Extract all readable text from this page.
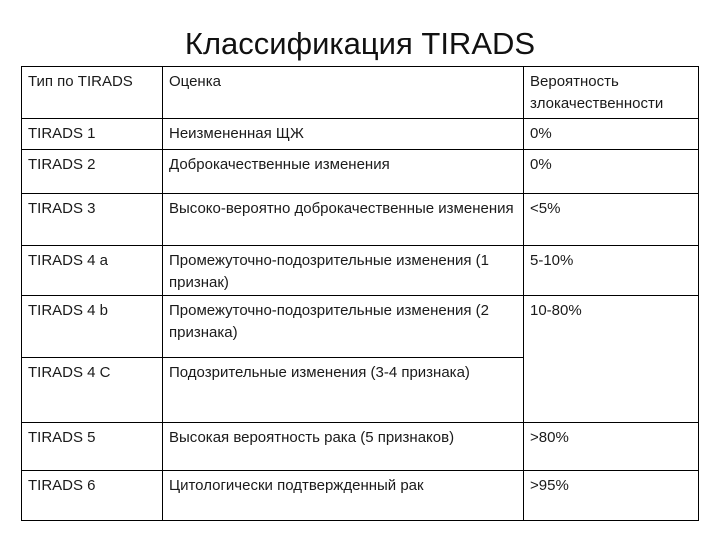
Классификация TIRADS
Тип по TIRADS	Оценка	Вероятность злокачественности
TIRADS 1	Неизмененная ЩЖ	0%
TIRADS 2	Доброкачественные изменения	0%
TIRADS 3	Высоко-вероятно доброкачественные изменения	<5%
TIRADS 4 a	Промежуточно-подозрительные изменения (1 признак)	5-10%
TIRADS 4 b	Промежуточно-подозрительные изменения (2 признака)	10-80%
TIRADS 4 C	Подозрительные изменения (3-4 признака)	
TIRADS 5	Высокая вероятность рака (5 признаков)	>80%
TIRADS 6	Цитологически подтвержденный рак	>95%
